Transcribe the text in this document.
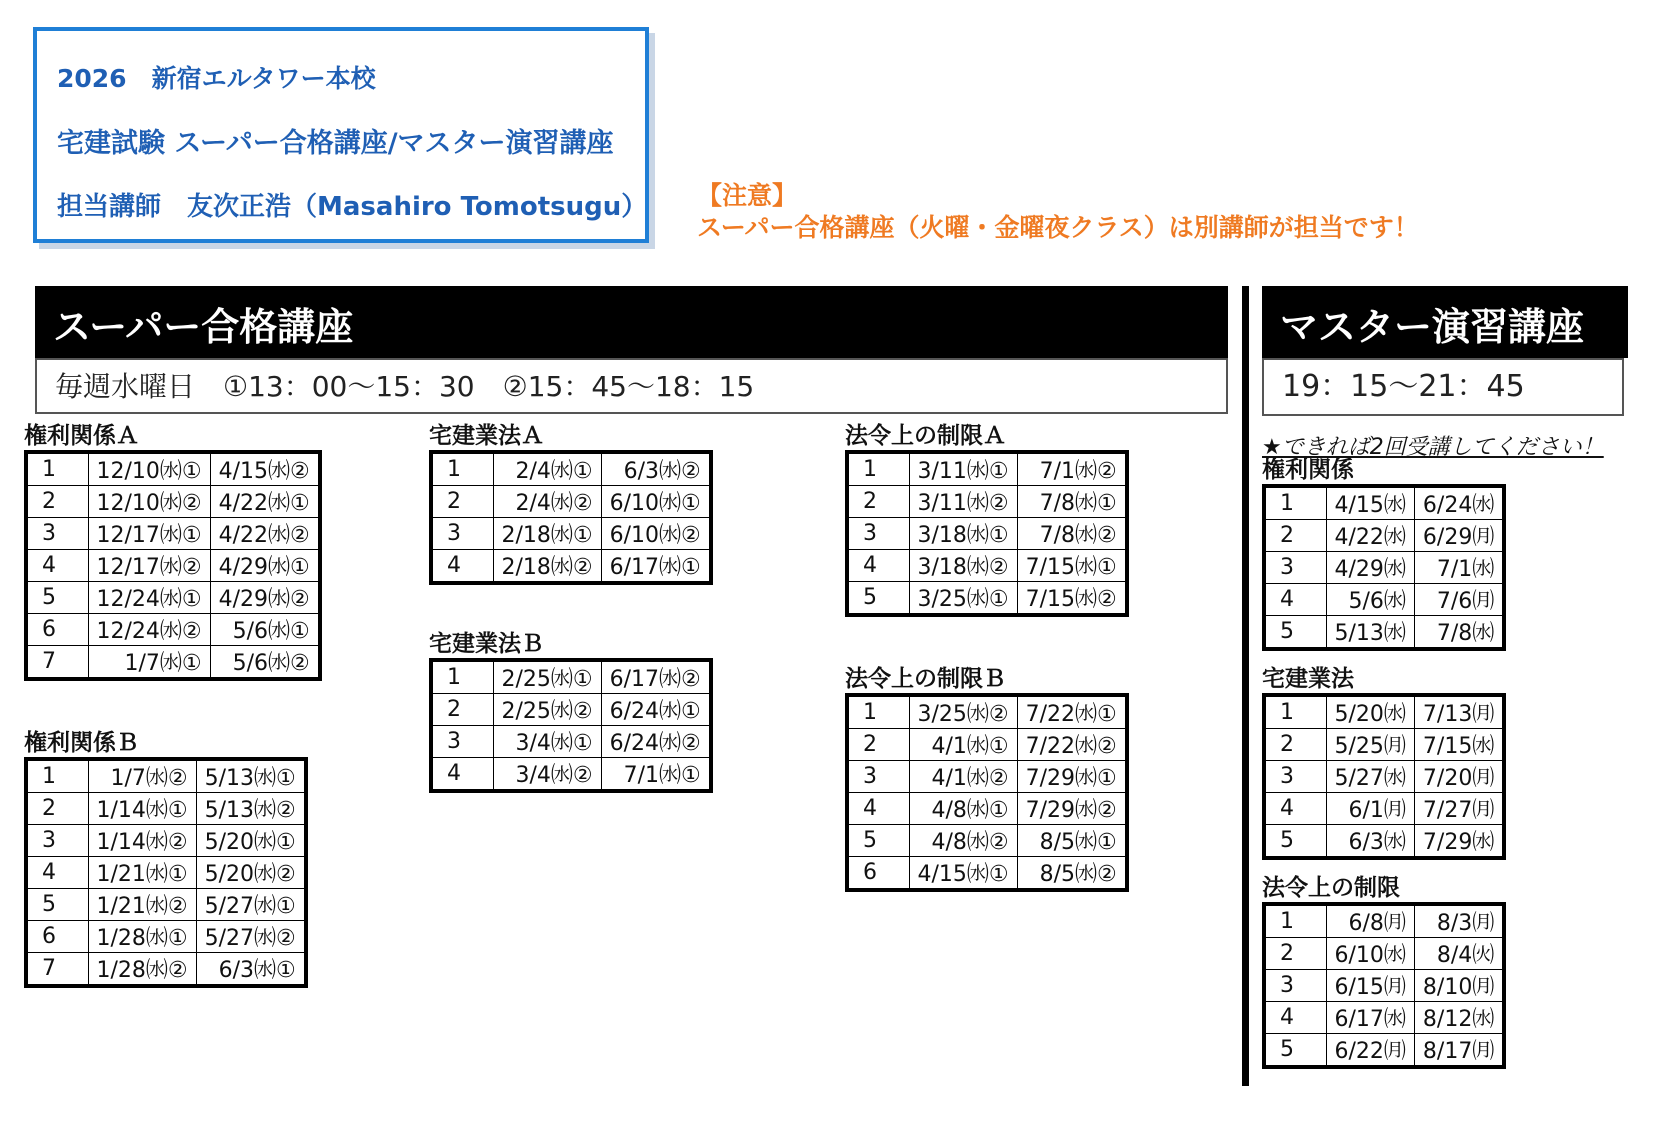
2026　新宿エルタワー本校
宅建試験 スーパー合格講座/マスター演習講座
担当講師　友次正浩（Masahiro Tomotsugu） 【注意】
スーパー合格講座（火曜・金曜夜クラス）は別講師が担当です！
スーパー合格講座
毎週水曜日　①13：00～15：30　②15：45～18：15
マスター演習講座
19：15～21：45
★できれば2回受講してください！
権利関係Ａ
1	12/10㈬①	4/15㈬②
2	12/10㈬②	4/22㈬①
3	12/17㈬①	4/22㈬②
4	12/17㈬②	4/29㈬①
5	12/24㈬①	4/29㈬②
6	12/24㈬②	5/6㈬①
7	1/7㈬①	5/6㈬②
権利関係Ｂ
1	1/7㈬②	5/13㈬①
2	1/14㈬①	5/13㈬②
3	1/14㈬②	5/20㈬①
4	1/21㈬①	5/20㈬②
5	1/21㈬②	5/27㈬①
6	1/28㈬①	5/27㈬②
7	1/28㈬②	6/3㈬①
宅建業法Ａ
1	2/4㈬①	6/3㈬②
2	2/4㈬②	6/10㈬①
3	2/18㈬①	6/10㈬②
4	2/18㈬②	6/17㈬①
宅建業法Ｂ
1	2/25㈬①	6/17㈬②
2	2/25㈬②	6/24㈬①
3	3/4㈬①	6/24㈬②
4	3/4㈬②	7/1㈬①
法令上の制限Ａ
1	3/11㈬①	7/1㈬②
2	3/11㈬②	7/8㈬①
3	3/18㈬①	7/8㈬②
4	3/18㈬②	7/15㈬①
5	3/25㈬①	7/15㈬②
法令上の制限Ｂ
1	3/25㈬②	7/22㈬①
2	4/1㈬①	7/22㈬②
3	4/1㈬②	7/29㈬①
4	4/8㈬①	7/29㈬②
5	4/8㈬②	8/5㈬①
6	4/15㈬①	8/5㈬②
権利関係
1	4/15㈬	6/24㈬
2	4/22㈬	6/29㈪
3	4/29㈬	7/1㈬
4	5/6㈬	7/6㈪
5	5/13㈬	7/8㈬
宅建業法
1	5/20㈬	7/13㈪
2	5/25㈪	7/15㈬
3	5/27㈬	7/20㈪
4	6/1㈪	7/27㈪
5	6/3㈬	7/29㈬
法令上の制限
1	6/8㈪	8/3㈪
2	6/10㈬	8/4㈫
3	6/15㈪	8/10㈪
4	6/17㈬	8/12㈬
5	6/22㈪	8/17㈪
